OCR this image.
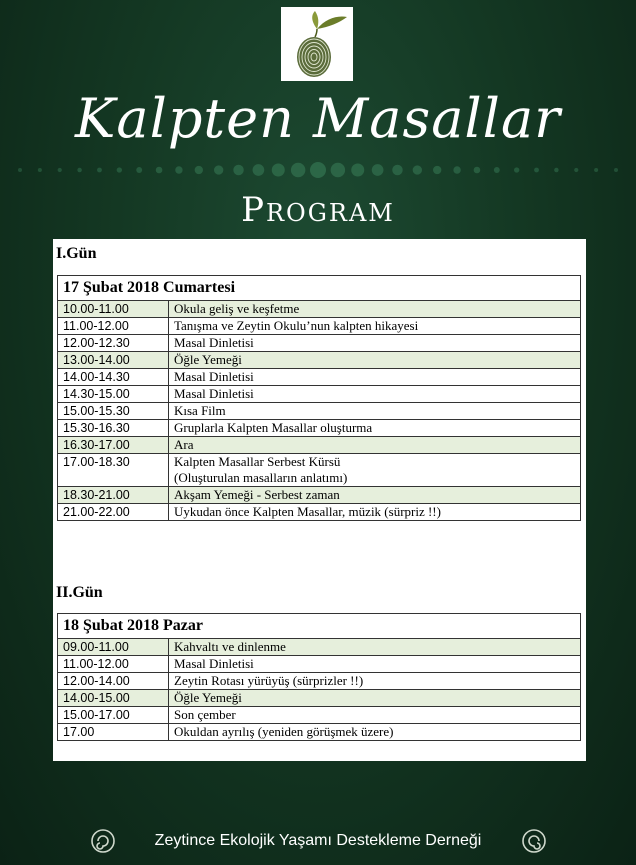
Kalpten Masallar
Program
I.Gün
17 Şubat 2018 Cumartesi	
10.00-11.00	Okula geliş ve keşfetme

11.00-12.00	Tanışma ve Zeytin Okulu’nun kalpten hikayesi

12.00-12.30	Masal Dinletisi

13.00-14.00	Öğle Yemeği

14.00-14.30	Masal Dinletisi

14.30-15.00	Masal Dinletisi

15.00-15.30	Kısa Film

15.30-16.30	Gruplarla Kalpten Masallar oluşturma

16.30-17.00	Ara

17.00-18.30	Kalpten Masallar Serbest Kürsü
(Oluşturulan masalların anlatımı)

18.30-21.00	Akşam Yemeği - Serbest zaman

21.00-22.00	Uykudan önce Kalpten Masallar, müzik (sürpriz !!)
II.Gün
18 Şubat 2018 Pazar	
09.00-11.00	Kahvaltı ve dinlenme

11.00-12.00	Masal Dinletisi

12.00-14.00	Zeytin Rotası yürüyüş (sürprizler !!)

14.00-15.00	Öğle Yemeği

15.00-17.00	Son çember

17.00	Okuldan ayrılış (yeniden görüşmek üzere)
Zeytince Ekolojik Yaşamı Destekleme Derneği
